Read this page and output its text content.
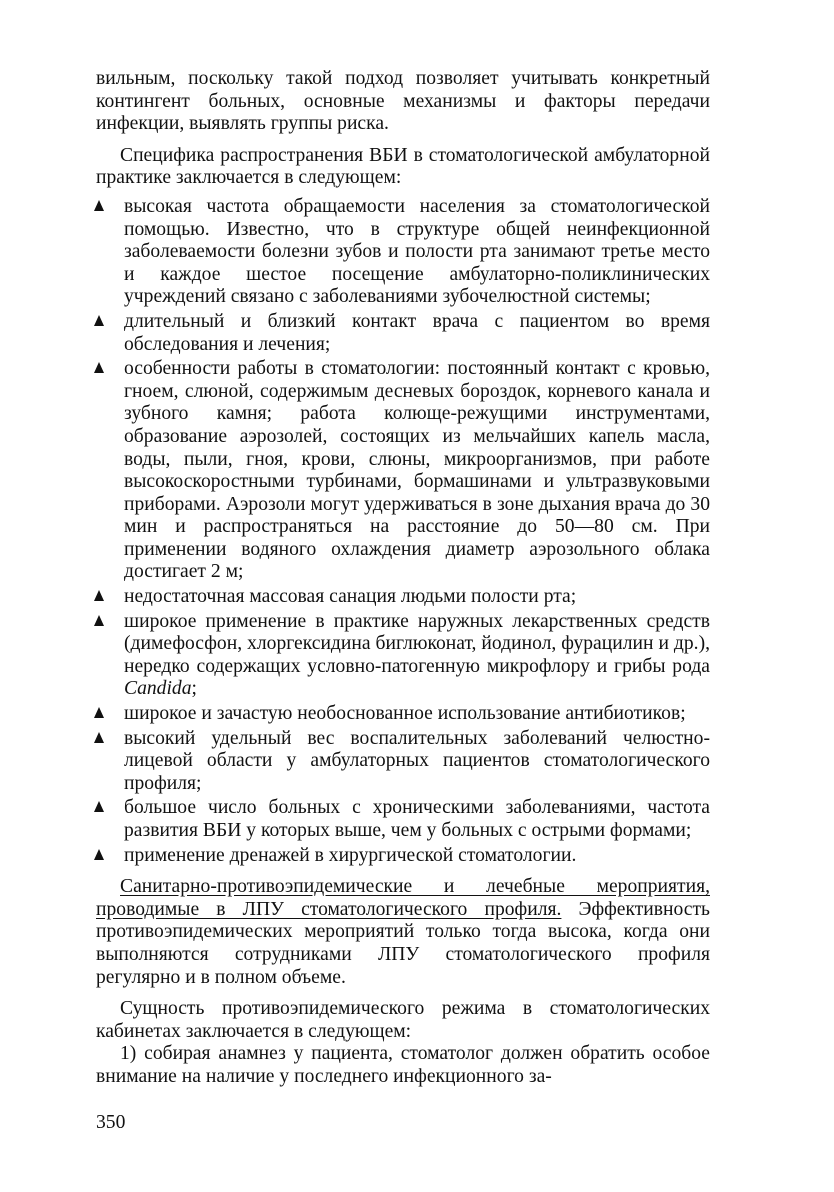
вильным, поскольку такой подход позволяет учитывать конкретный контингент больных, основные механизмы и факторы передачи инфекции, выявлять группы риска.

Специфика распространения ВБИ в стоматологической амбулаторной практике заключается в следующем:

высокая частота обращаемости населения за стоматологической помощью. Известно, что в структуре общей неинфекционной заболеваемости болезни зубов и полости рта занимают третье место и каждое шестое посещение амбулаторно-поликлинических учреждений связано с заболеваниями зубочелюстной системы;
длительный и близкий контакт врача с пациентом во время обследования и лечения;
особенности работы в стоматологии: постоянный контакт с кровью, гноем, слюной, содержимым десневых бороздок, корневого канала и зубного камня; работа колюще-режущими инструментами, образование аэрозолей, состоящих из мельчайших капель масла, воды, пыли, гноя, крови, слюны, микроорганизмов, при работе высокоскоростными турбинами, бормашинами и ультразвуковыми приборами. Аэрозоли могут удерживаться в зоне дыхания врача до 30 мин и распространяться на расстояние до 50—80 см. При применении водяного охлаждения диаметр аэрозольного облака достигает 2 м;
недостаточная массовая санация людьми полости рта;
широкое применение в практике наружных лекарственных средств (димефосфон, хлоргексидина биглюконат, йодинол, фурацилин и др.), нередко содержащих условно-патогенную микрофлору и грибы рода Candida;
широкое и зачастую необоснованное использование антибиотиков;
высокий удельный вес воспалительных заболеваний челюстно-лицевой области у амбулаторных пациентов стоматологического профиля;
большое число больных с хроническими заболеваниями, частота развития ВБИ у которых выше, чем у больных с острыми формами;
применение дренажей в хирургической стоматологии.

Санитарно-противоэпидемические и лечебные мероприятия, проводимые в ЛПУ стоматологического профиля. Эффективность противоэпидемических мероприятий только тогда высока, когда они выполняются сотрудниками ЛПУ стоматологического профиля регулярно и в полном объеме.

Сущность противоэпидемического режима в стоматологических кабинетах заключается в следующем:

1) собирая анамнез у пациента, стоматолог должен обратить особое внимание на наличие у последнего инфекционного за-

350
